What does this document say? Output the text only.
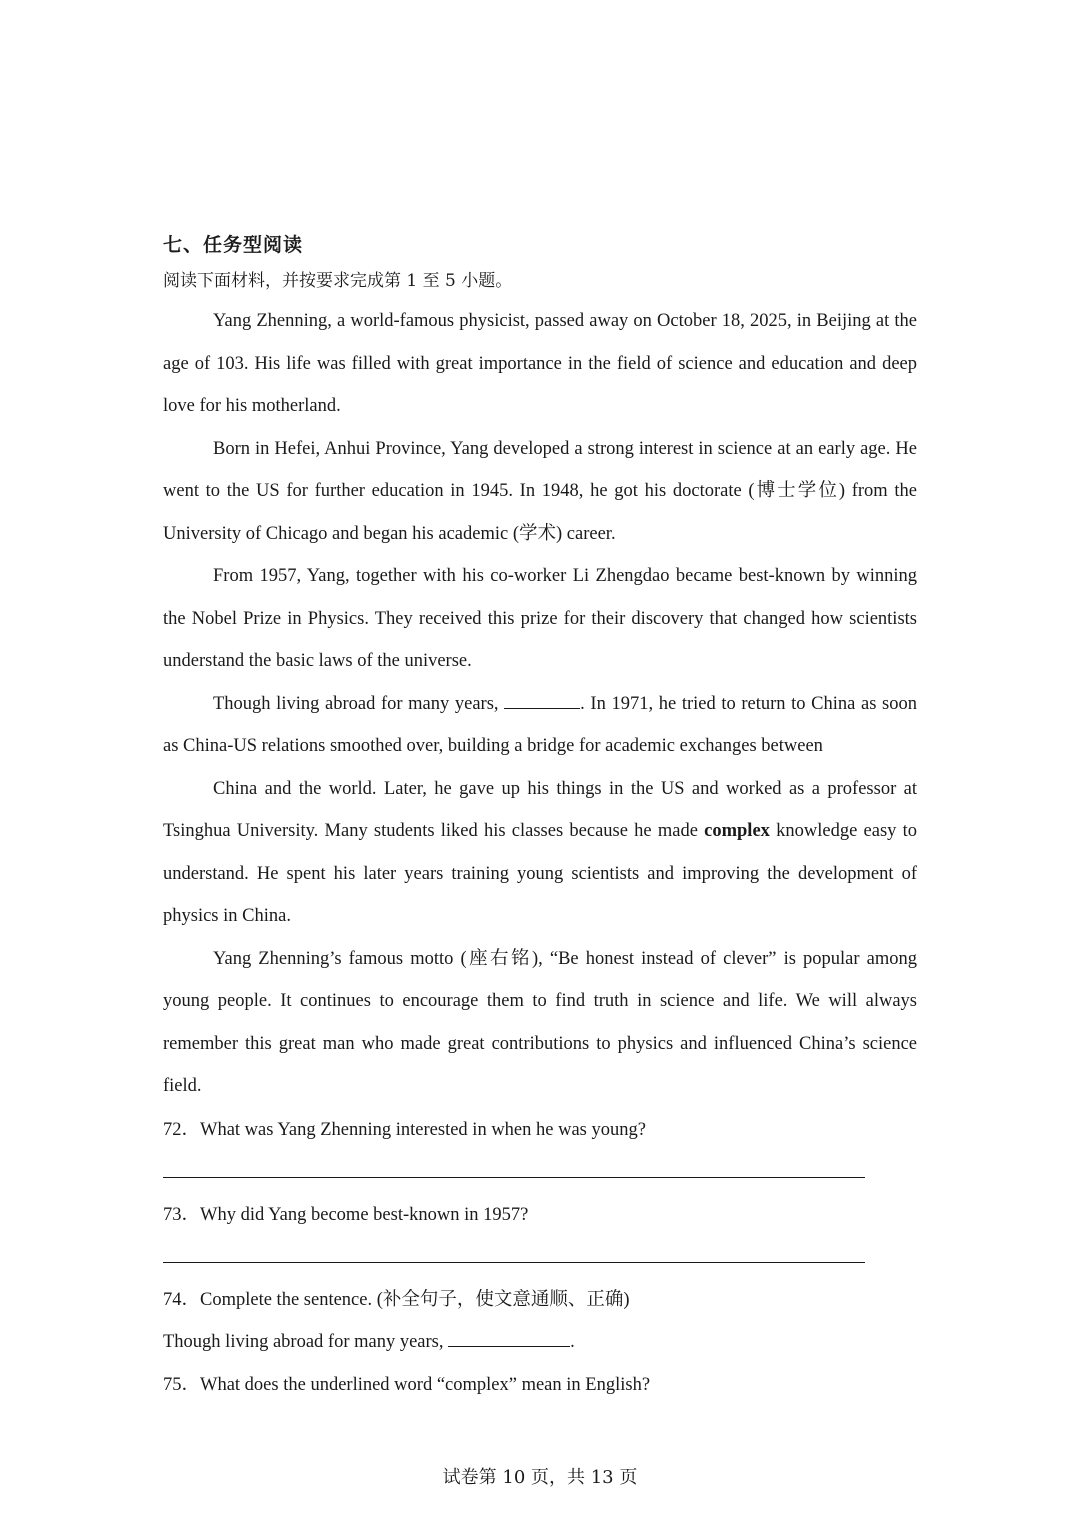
七、任务型阅读
阅读下面材料，并按要求完成第 1 至 5 小题。

Yang Zhenning, a world-famous physicist, passed away on October 18, 2025, in Beijing at the age of 103. His life was filled with great importance in the field of science and education and deep love for his motherland.

Born in Hefei, Anhui Province, Yang developed a strong interest in science at an early age. He went to the US for further education in 1945. In 1948, he got his doctorate (博士学位) from the University of Chicago and began his academic (学术) career.

From 1957, Yang, together with his co-worker Li Zhengdao became best-known by winning the Nobel Prize in Physics. They received this prize for their discovery that changed how scientists understand the basic laws of the universe.

Though living abroad for many years,	. In 1971, he tried to return to China as soon as China-US relations smoothed over, building a bridge for academic exchanges between

China and the world. Later, he gave up his things in the US and worked as a professor at Tsinghua University. Many students liked his classes because he made complex knowledge easy to understand. He spent his later years training young scientists and improving the development of physics in China.

Yang Zhenning’s famous motto (座右铭), “Be honest instead of clever” is popular among young people. It continues to encourage them to find truth in science and life. We will always remember this great man who made great contributions to physics and influenced China’s science field.

72．What was Yang Zhenning interested in when he was young?
73．Why did Yang become best-known in 1957?
74．Complete the sentence. (补全句子，使文意通顺、正确)
Though living abroad for many years,	.
75．What does the underlined word “complex” mean in English?
试卷第 10 页，共 13 页
